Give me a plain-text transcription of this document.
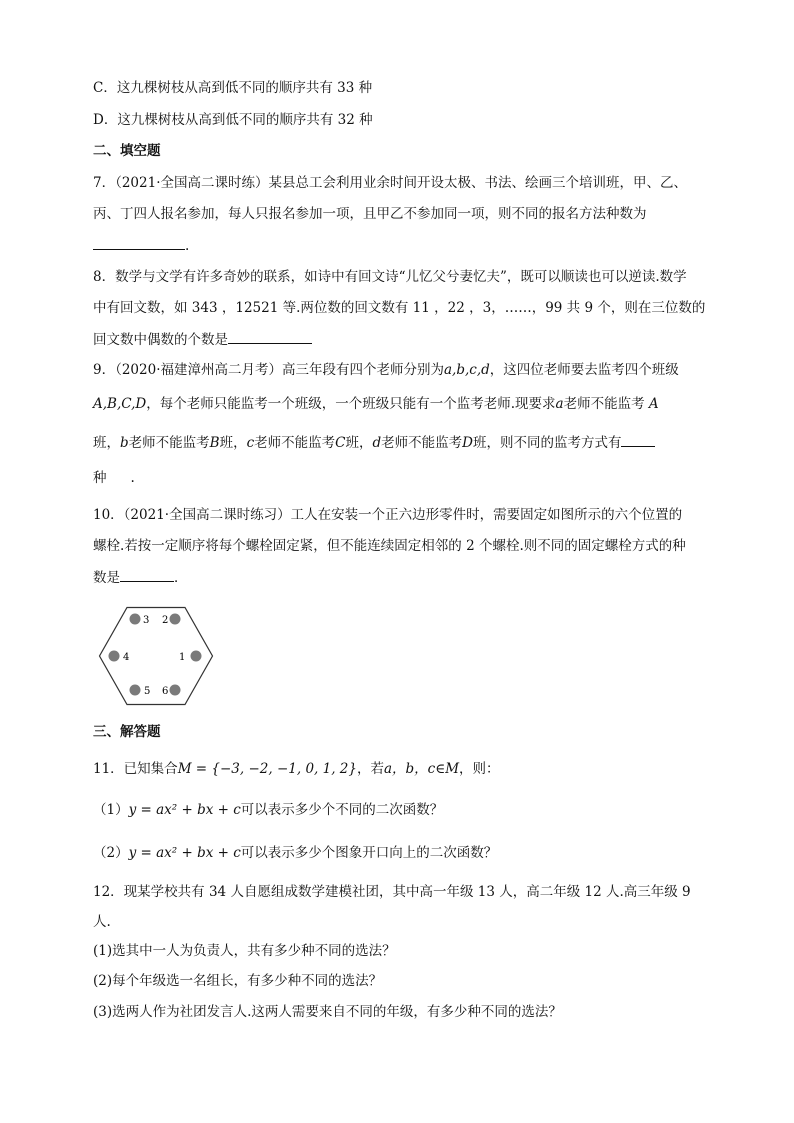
C．这九棵树枝从高到低不同的顺序共有 33 种
D．这九棵树枝从高到低不同的顺序共有 32 种
二、填空题
7．（2021·全国高二课时练）某县总工会利用业余时间开设太极、书法、绘画三个培训班，甲、乙、
丙、丁四人报名参加，每人只报名参加一项，且甲乙不参加同一项，则不同的报名方法种数为
.
8．数学与文学有许多奇妙的联系，如诗中有回文诗“儿忆父兮妻忆夫”，既可以顺读也可以逆读.数学
中有回文数，如 343 ，12521 等.两位数的回文数有 11 ，22 ，3，……，99 共 9 个，则在三位数的
回文数中偶数的个数是
9．（2020·福建漳州高二月考）高三年段有四个老师分别为a,b,c,d，这四位老师要去监考四个班级
A,B,C,D，每个老师只能监考一个班级，一个班级只能有一个监考老师.现要求a老师不能监考 A
班，b老师不能监考B班，c老师不能监考C班，d老师不能监考D班，则不同的监考方式有
种 .
10．（2021·全国高二课时练习）工人在安装一个正六边形零件时，需要固定如图所示的六个位置的
螺栓.若按一定顺序将每个螺栓固定紧，但不能连续固定相邻的 2 个螺栓.则不同的固定螺栓方式的种
数是	．
2
3
4	1
5 6
三、解答题
11．已知集合M = {−3, −2, −1, 0, 1, 2}，若a，b，c∈M，则：
（1）y = ax² + bx + c可以表示多少个不同的二次函数？
（2）y = ax² + bx + c可以表示多少个图象开口向上的二次函数？
12．现某学校共有 34 人自愿组成数学建模社团，其中高一年级 13 人，高二年级 12 人.高三年级 9
人.
(1)选其中一人为负责人，共有多少种不同的选法？
(2)每个年级选一名组长，有多少种不同的选法？
(3)选两人作为社团发言人.这两人需要来自不同的年级，有多少种不同的选法？
